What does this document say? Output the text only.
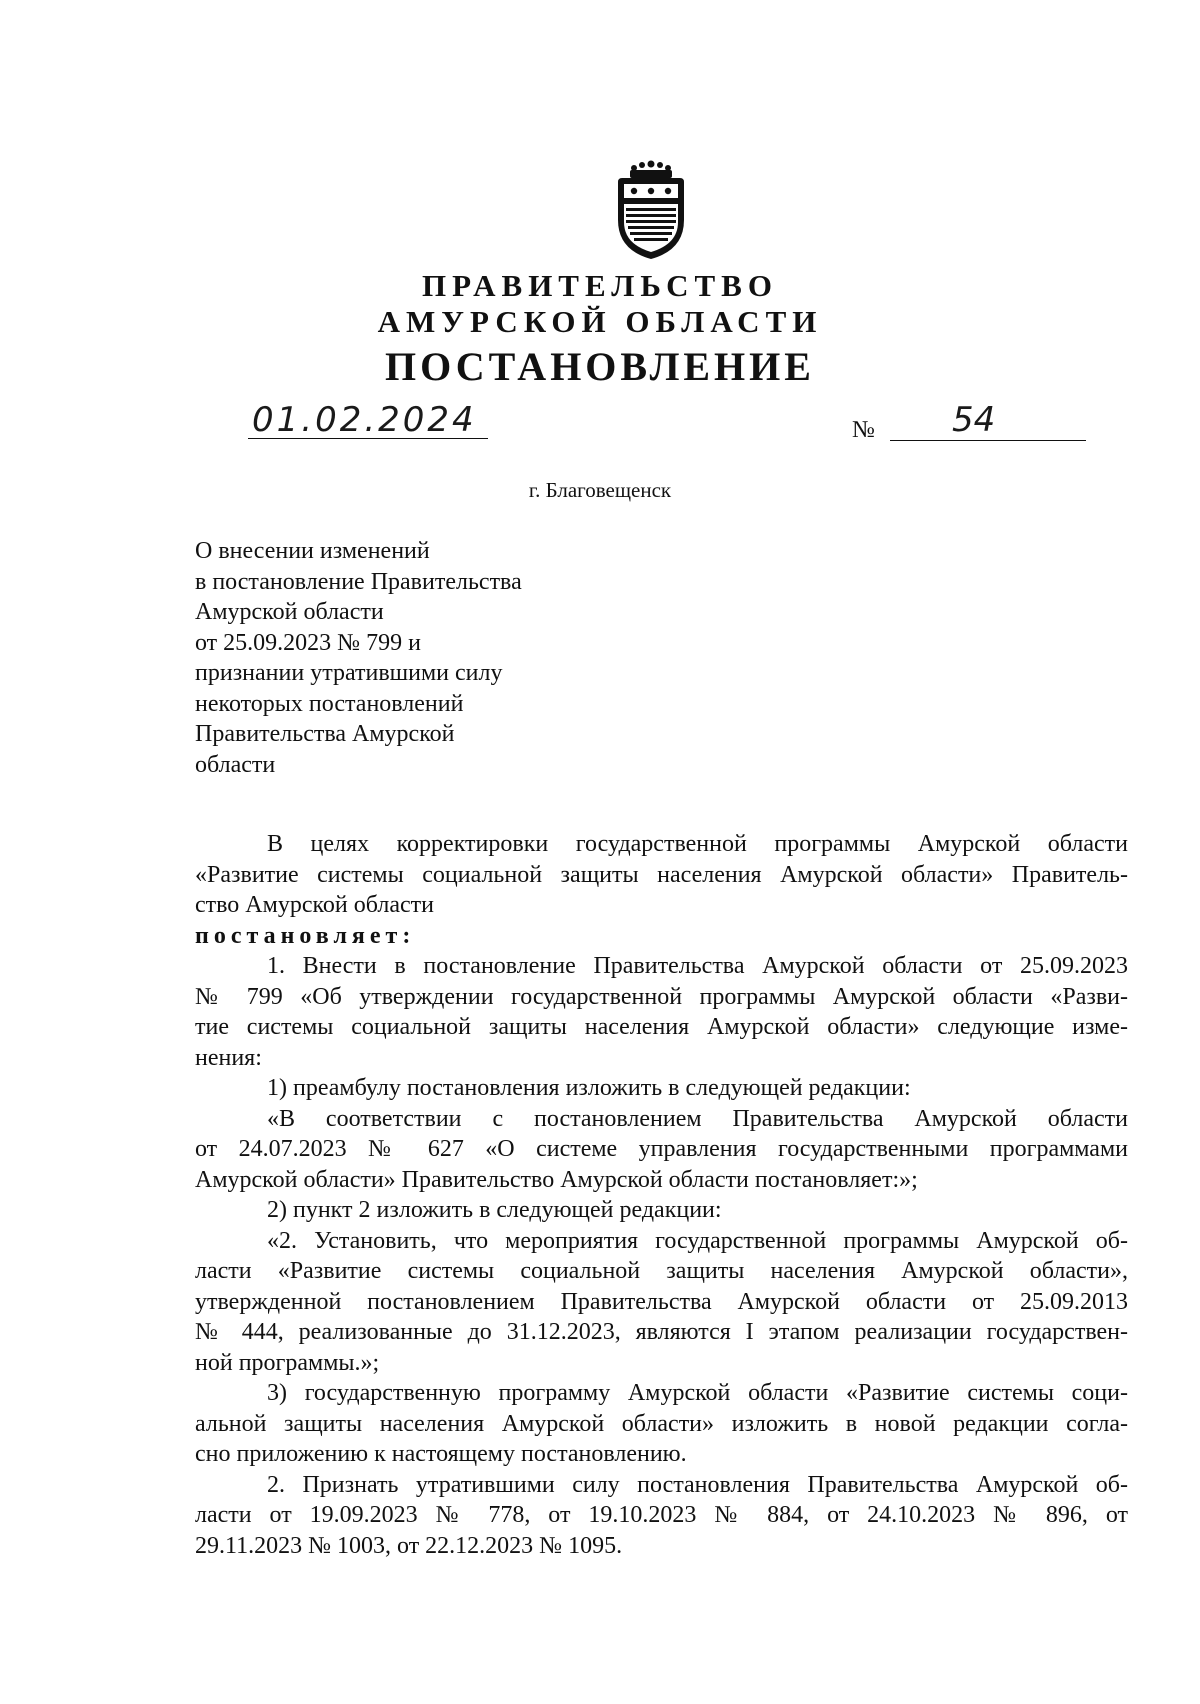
ПРАВИТЕЛЬСТВО
АМУРСКОЙ ОБЛАСТИ
ПОСТАНОВЛЕНИЕ
01.02.2024	№ 54
г. Благовещенск
О внесении изменений
в постановление Правительства
Амурской области
от 25.09.2023 № 799 и
признании утратившими силу
некоторых постановлений
Правительства Амурской
области
В целях корректировки государственной программы Амурской области
«Развитие системы социальной защиты населения Амурской области» Правитель-
ство Амурской области
постановляет:
1. Внести в постановление Правительства Амурской области от 25.09.2023
№ 799 «Об утверждении государственной программы Амурской области «Разви-
тие системы социальной защиты населения Амурской области» следующие изме-
нения:
1) преамбулу постановления изложить в следующей редакции:
«В соответствии с постановлением Правительства Амурской области
от 24.07.2023 № 627 «О системе управления государственными программами
Амурской области» Правительство Амурской области постановляет:»;
2) пункт 2 изложить в следующей редакции:
«2. Установить, что мероприятия государственной программы Амурской об-
ласти «Развитие системы социальной защиты населения Амурской области»,
утвержденной постановлением Правительства Амурской области от 25.09.2013
№ 444, реализованные до 31.12.2023, являются I этапом реализации государствен-
ной программы.»;
3) государственную программу Амурской области «Развитие системы соци-
альной защиты населения Амурской области» изложить в новой редакции согла-
сно приложению к настоящему постановлению.
2. Признать утратившими силу постановления Правительства Амурской об-
ласти от 19.09.2023 № 778, от 19.10.2023 № 884, от 24.10.2023 № 896, от
29.11.2023 № 1003, от 22.12.2023 № 1095.
